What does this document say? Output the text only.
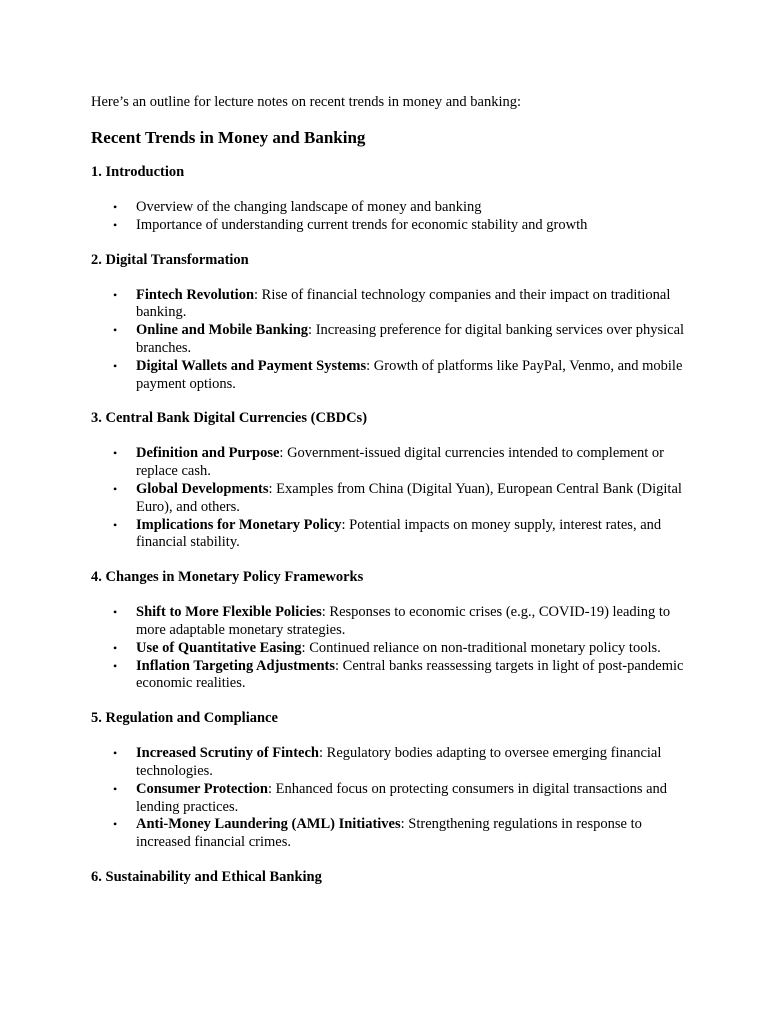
Here’s an outline for lecture notes on recent trends in money and banking:

Recent Trends in Money and Banking
1. Introduction
• Overview of the changing landscape of money and banking
• Importance of understanding current trends for economic stability and growth
2. Digital Transformation
• Fintech Revolution: Rise of financial technology companies and their impact on traditional banking.
• Online and Mobile Banking: Increasing preference for digital banking services over physical branches.
• Digital Wallets and Payment Systems: Growth of platforms like PayPal, Venmo, and mobile payment options.
3. Central Bank Digital Currencies (CBDCs)
• Definition and Purpose: Government-issued digital currencies intended to complement or replace cash.
• Global Developments: Examples from China (Digital Yuan), European Central Bank (Digital Euro), and others.
• Implications for Monetary Policy: Potential impacts on money supply, interest rates, and financial stability.
4. Changes in Monetary Policy Frameworks
• Shift to More Flexible Policies: Responses to economic crises (e.g., COVID-19) leading to more adaptable monetary strategies.
• Use of Quantitative Easing: Continued reliance on non-traditional monetary policy tools.
• Inflation Targeting Adjustments: Central banks reassessing targets in light of post-pandemic economic realities.
5. Regulation and Compliance
• Increased Scrutiny of Fintech: Regulatory bodies adapting to oversee emerging financial technologies.
• Consumer Protection: Enhanced focus on protecting consumers in digital transactions and lending practices.
• Anti-Money Laundering (AML) Initiatives: Strengthening regulations in response to increased financial crimes.
6. Sustainability and Ethical Banking
